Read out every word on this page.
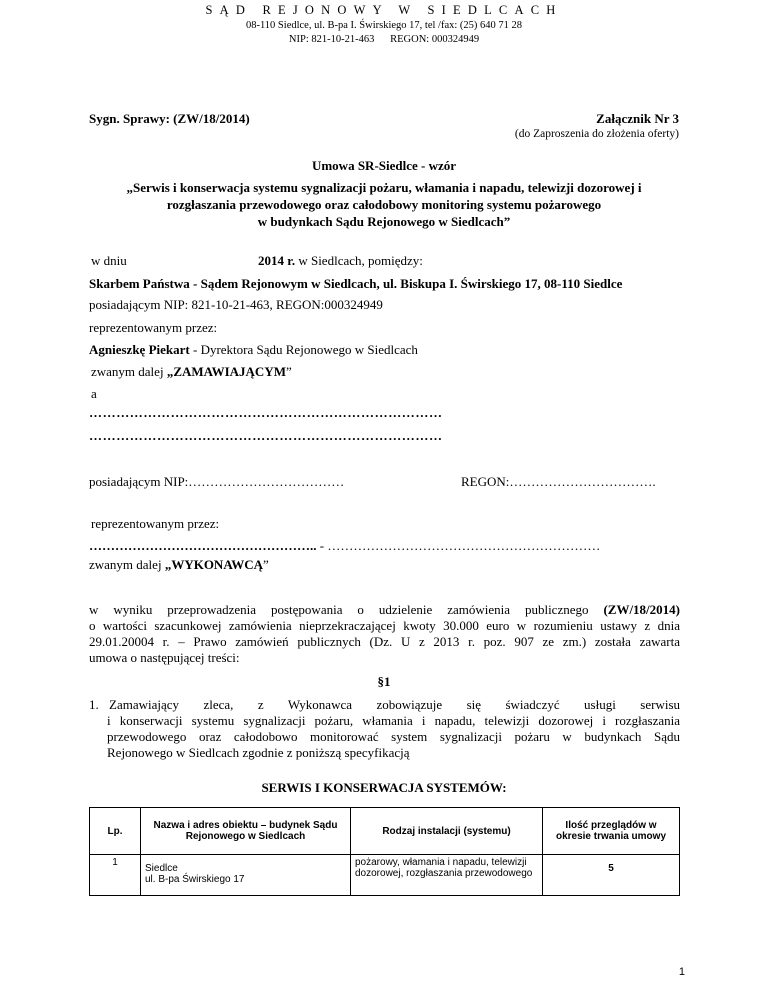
SĄD REJONOWY W SIEDLCACH
08-110 Siedlce, ul. B-pa I. Świrskiego 17, tel /fax: (25) 640 71 28
NIP: 821-10-21-463 REGON: 000324949
Sygn. Sprawy: (ZW/18/2014)	Załącznik Nr 3
(do Zaproszenia do złożenia oferty)
Umowa SR-Siedlce - wzór
„Serwis i konserwacja systemu sygnalizacji pożaru, włamania i napadu, telewizji dozorowej i
rozgłaszania przewodowego oraz całodobowy monitoring systemu pożarowego
w budynkach Sądu Rejonowego w Siedlcach”
w dniu	2014 r. w Siedlcach, pomiędzy:
Skarbem Państwa - Sądem Rejonowym w Siedlcach, ul. Biskupa I. Świrskiego 17, 08-110 Siedlce
posiadającym NIP: 821-10-21-463, REGON:000324949
reprezentowanym przez:
Agnieszkę Piekart - Dyrektora Sądu Rejonowego w Siedlcach
zwanym dalej „ZAMAWIAJĄCYM”
a
……………………………………………………………………
……………………………………………………………………
posiadającym NIP:………………………………	REGON:…………………………….
reprezentowanym przez:
…………………………………………….. - ………………………………………………………
zwanym dalej „WYKONAWCĄ”
w wyniku przeprowadzenia postępowania o udzielenie zamówienia publicznego (ZW/18/2014)
o wartości szacunkowej zamówienia nieprzekraczającej kwoty 30.000 euro w rozumieniu ustawy z dnia
29.01.20004 r. – Prawo zamówień publicznych (Dz. U z 2013 r. poz. 907 ze zm.) została zawarta
umowa o następującej treści:
§1
1. Zamawiający zleca, z Wykonawca zobowiązuje się świadczyć usługi serwisu
i konserwacji systemu sygnalizacji pożaru, włamania i napadu, telewizji dozorowej i rozgłaszania
przewodowego oraz całodobowo monitorować system sygnalizacji pożaru w budynkach Sądu
Rejonowego w Siedlcach zgodnie z poniższą specyfikacją
SERWIS I KONSERWACJA SYSTEMÓW:
Lp.	Nazwa i adres obiektu – budynek Sądu Rejonowego w Siedlcach	Rodzaj instalacji (systemu)	Ilość przeglądów w okresie trwania umowy
1	Siedlce
ul. B-pa Świrskiego 17	pożarowy, włamania i napadu, telewizji dozorowej, rozgłaszania przewodowego	5
1
